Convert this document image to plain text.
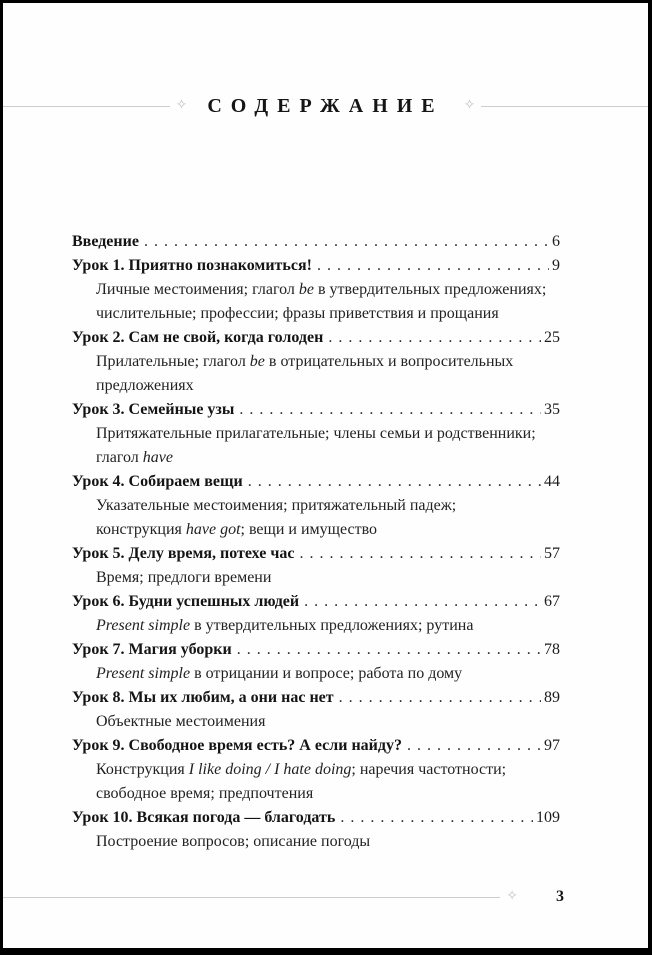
✧ СОДЕРЖАНИЕ ✧
Введение .....	6
Урок 1. Приятно познакомиться! .....	9
Личные местоимения; глагол be в утвердительных предложениях;
числительные; профессии; фразы приветствия и прощания
Урок 2. Сам не свой, когда голоден .....	25
Прилательные; глагол be в отрицательных и вопросительных
предложениях
Урок 3. Семейные узы .....	35
Притяжательные прилагательные; члены семьи и родственники;
глагол have
Урок 4. Собираем вещи .....	44
Указательные местоимения; притяжательный падеж;
конструкция have got; вещи и имущество
Урок 5. Делу время, потехе час .....	57
Время; предлоги времени
Урок 6. Будни успешных людей .....	67
Present simple в утвердительных предложениях; рутина
Урок 7. Магия уборки .....	78
Present simple в отрицании и вопросе; работа по дому
Урок 8. Мы их любим, а они нас нет .....	89
Объектные местоимения
Урок 9. Свободное время есть? А если найду? .....	97
Конструкция I like doing / I hate doing; наречия частотности;
свободное время; предпочтения
Урок 10. Всякая погода — благодать .....	109
Построение вопросов; описание погоды
✧ 3
